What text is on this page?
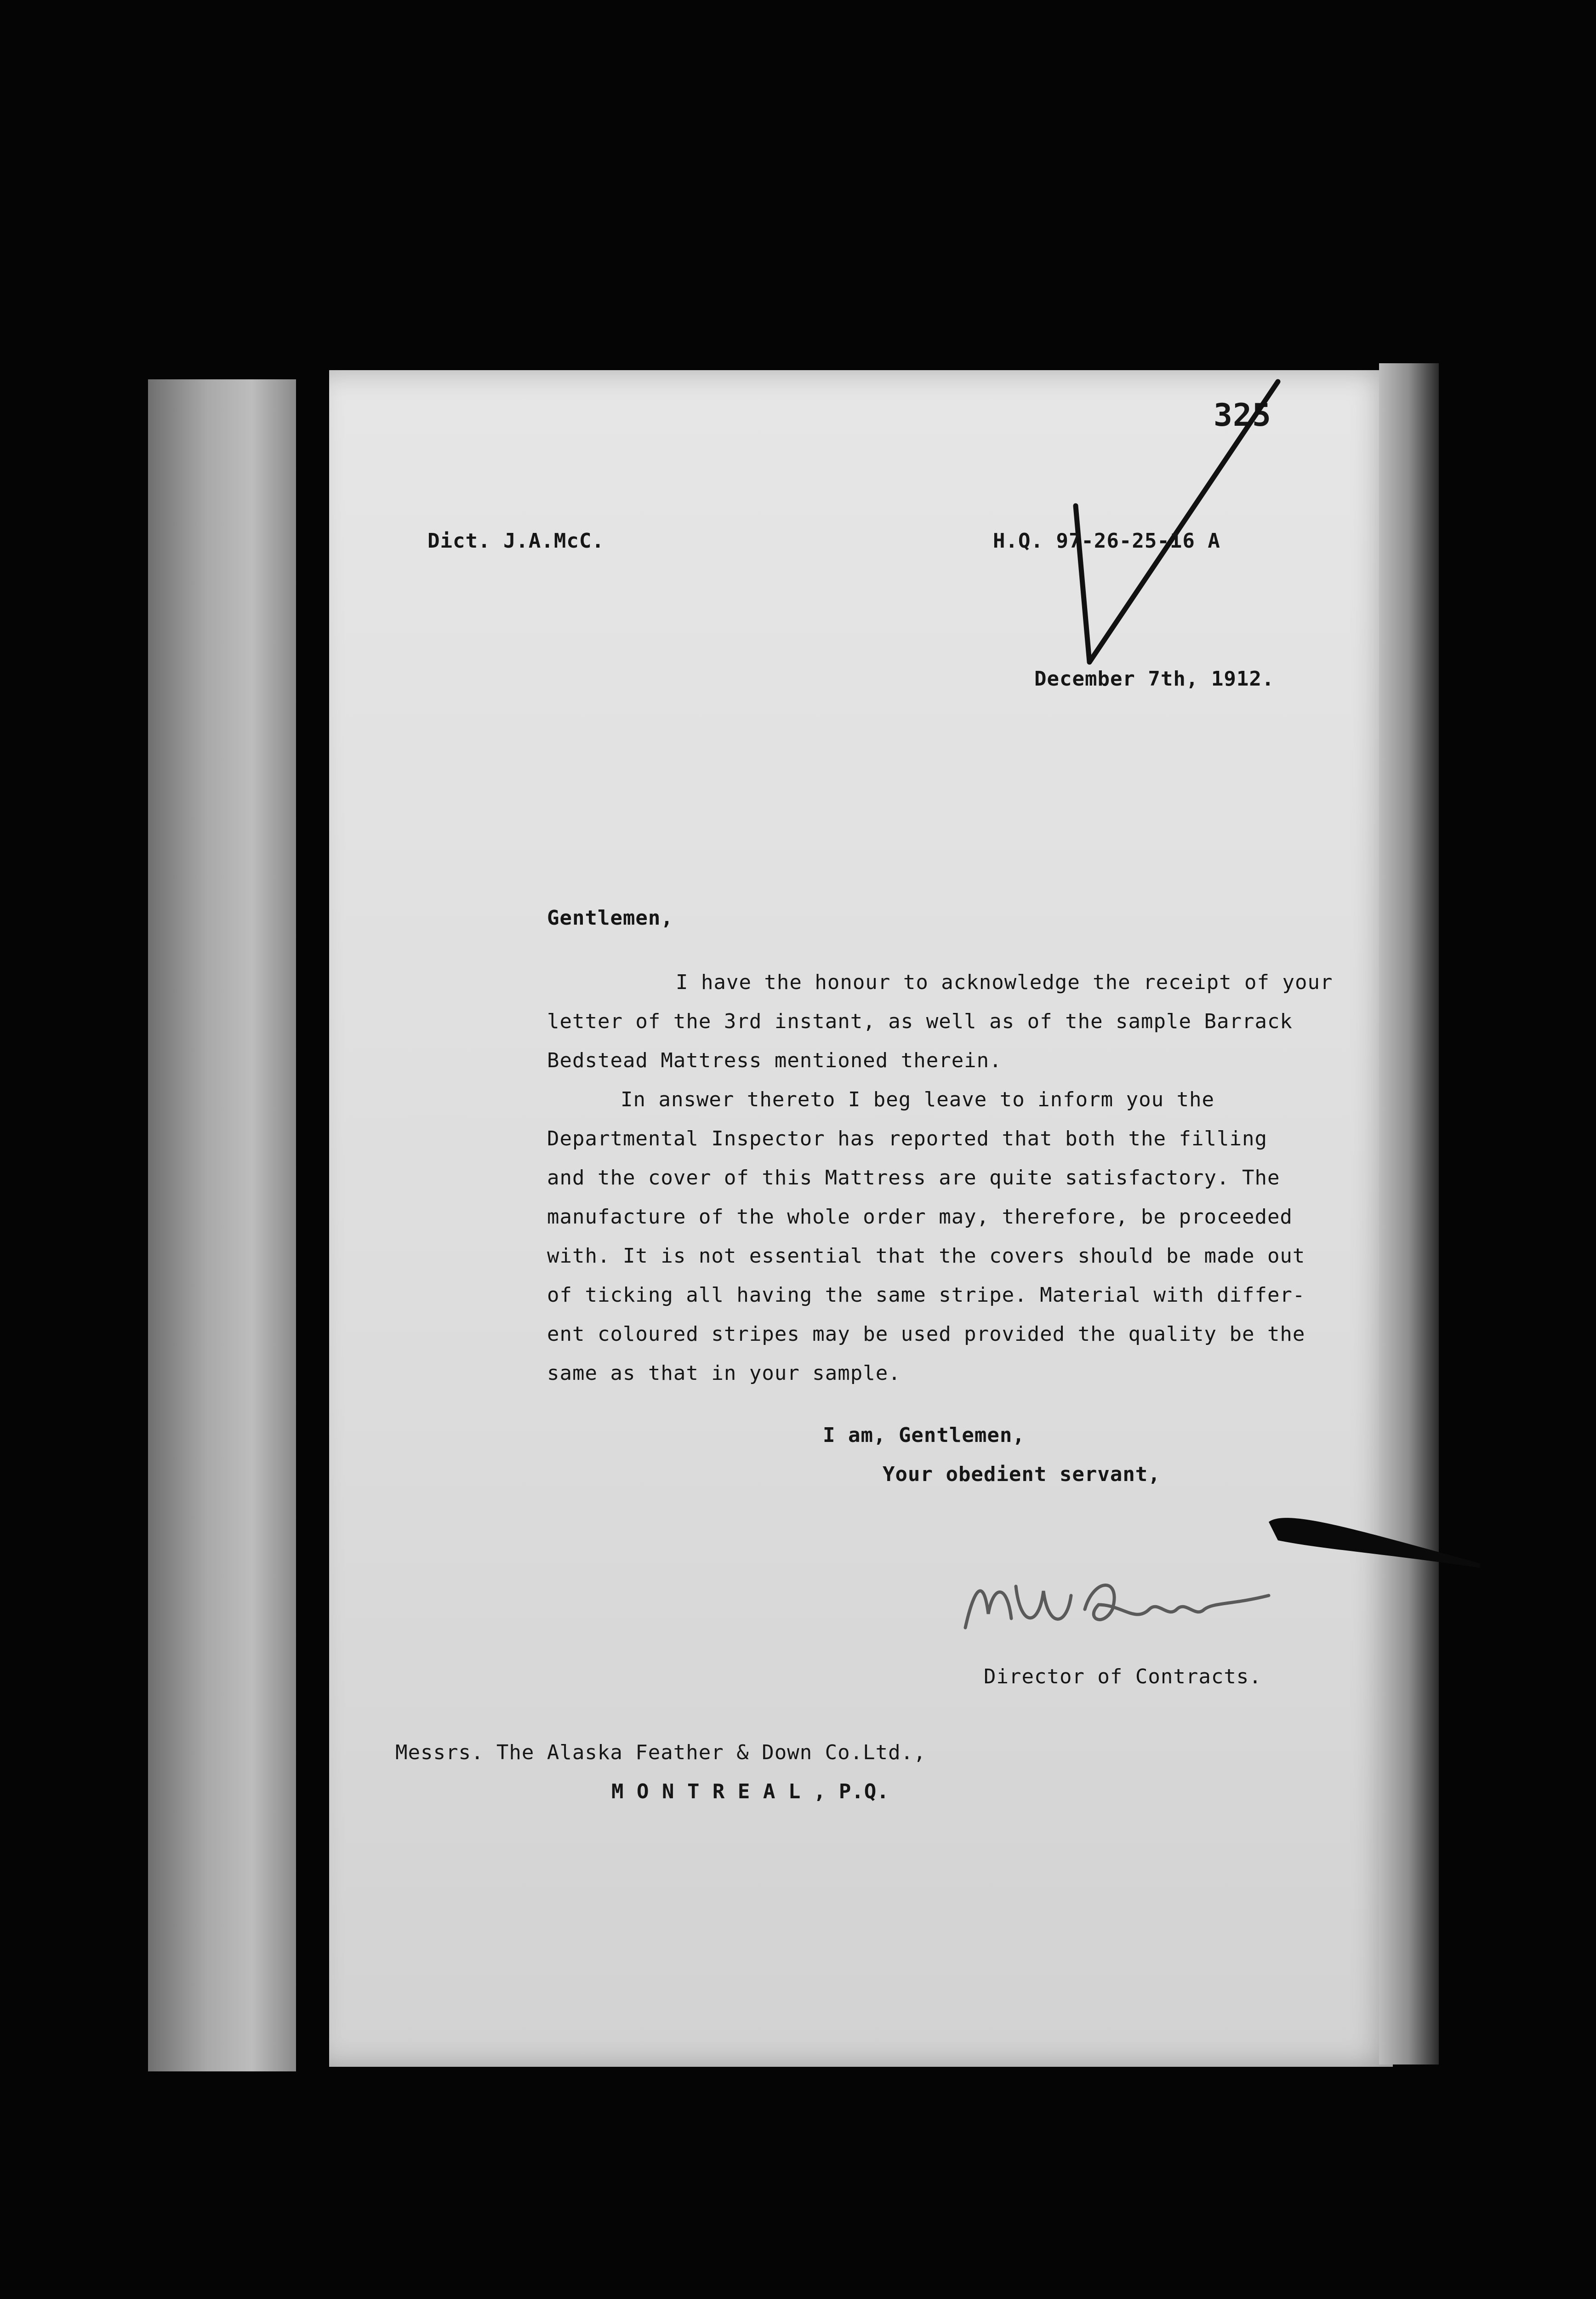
325
Dict. J.A.McC.	H.Q. 97-26-25-16 A
December 7th, 1912.
Gentlemen,
I have the honour to acknowledge the receipt of your
letter of the 3rd instant, as well as of the sample Barrack
Bedstead Mattress mentioned therein.
In answer thereto I beg leave to inform you the
Departmental Inspector has reported that both the filling
and the cover of this Mattress are quite satisfactory. The
manufacture of the whole order may, therefore, be proceeded
with. It is not essential that the covers should be made out
of ticking all having the same stripe. Material with differ-
ent coloured stripes may be used provided the quality be the
same as that in your sample.
I am, Gentlemen,
Your obedient servant,
Director of Contracts.
Messrs. The Alaska Feather & Down Co.Ltd.,
M O N T R E A L , P.Q.
